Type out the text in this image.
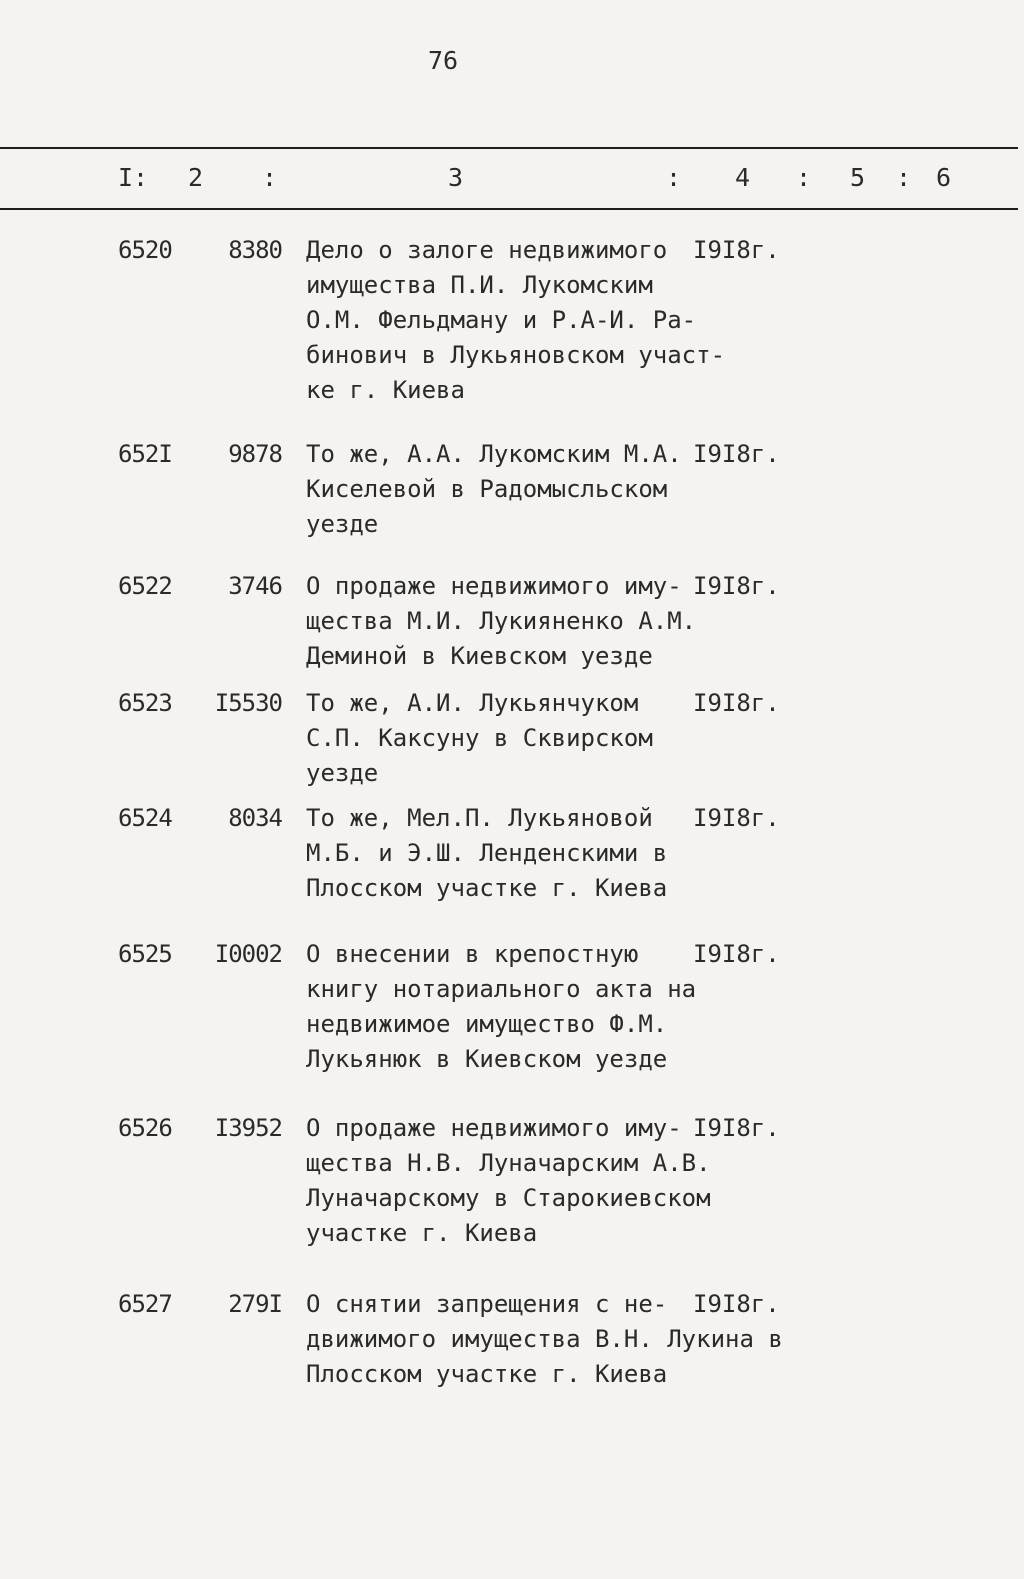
76
I: 2 :	3	: 4 : 5 : 6
6520	8380 Дело о залоге недвижимого
имущества П.И. Лукомским
О.М. Фельдману и Р.А-И. Ра-
бинович в Лукьяновском участ-
ке г. Киева
I9I8г.
652I	9878 То же, А.А. Лукомским М.А.
Киселевой в Радомысльском
уезде
I9I8г.
6522	3746 О продаже недвижимого иму-
щества М.И. Лукияненко А.М.
Деминой в Киевском уезде
I9I8г.
6523	I5530 То же, А.И. Лукьянчуком
С.П. Каксуну в Сквирском
уезде
I9I8г.
6524	8034 То же, Мел.П. Лукьяновой
М.Б. и Э.Ш. Ленденскими в
Плосском участке г. Киева
I9I8г.
6525	I0002 О внесении в крепостную
книгу нотариального акта на
недвижимое имущество Ф.М.
Лукьянюк в Киевском уезде
I9I8г.
6526	I3952 О продаже недвижимого иму-
щества Н.В. Луначарским А.В.
Луначарскому в Старокиевском
участке г. Киева
I9I8г.
6527	279I О снятии запрещения с не-
движимого имущества В.Н. Лукина в
Плосском участке г. Киева
I9I8г.
